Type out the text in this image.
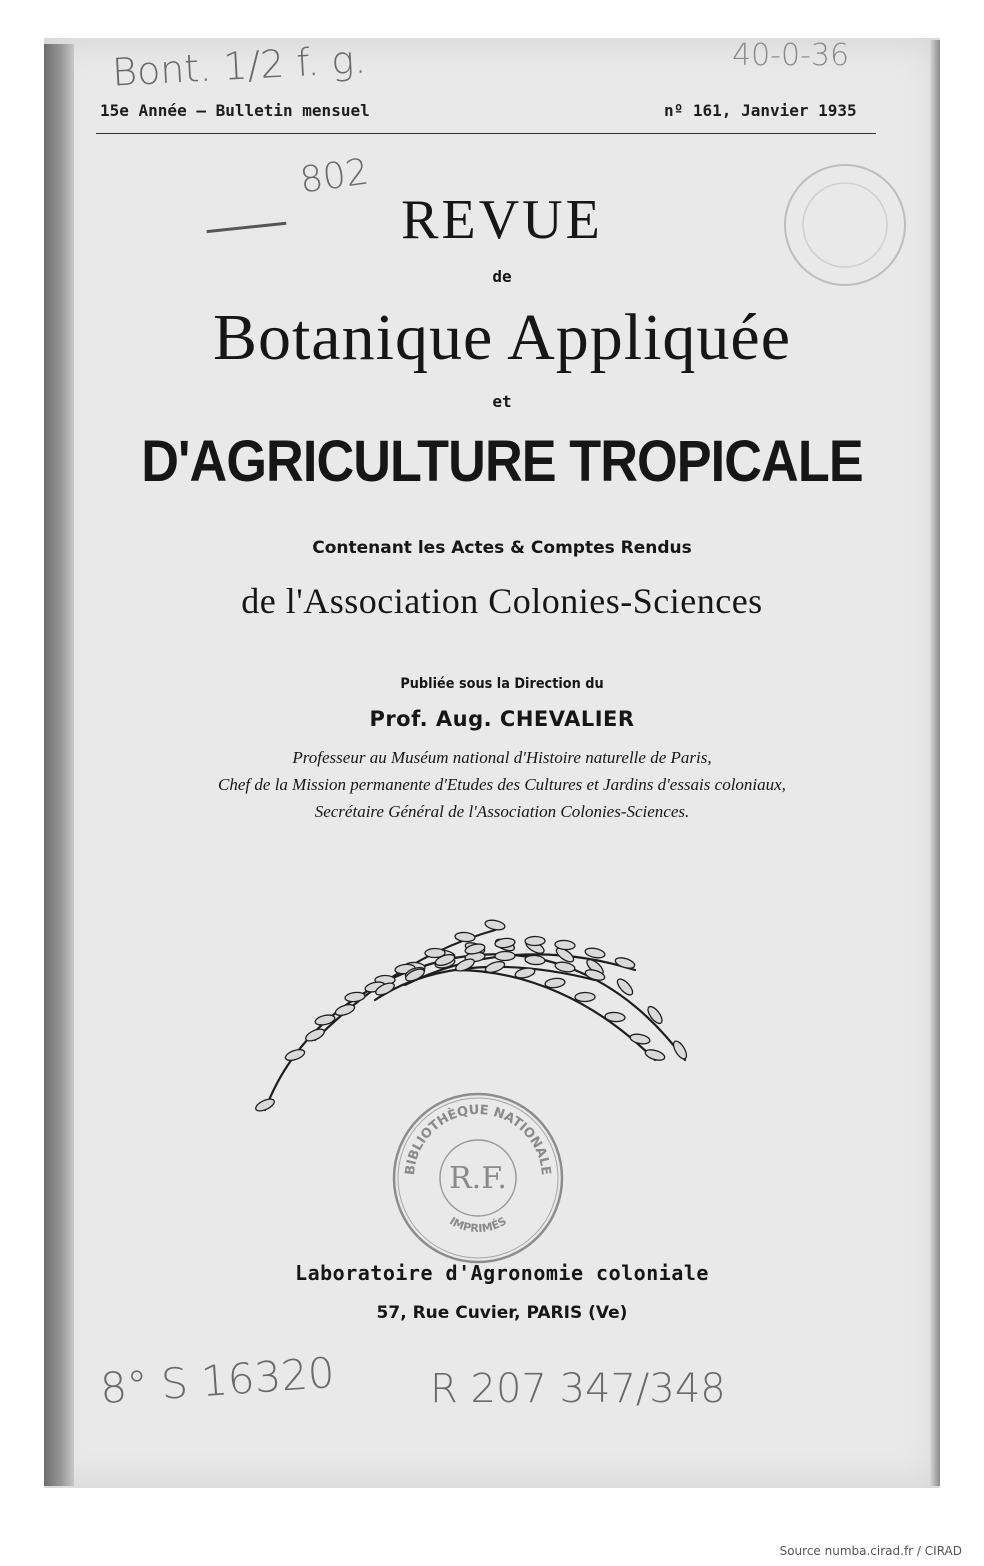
Bont. 1/2 f. g.	40-0-36
802
8° S 16320 R 207 347/348
15e Année — Bulletin mensuel	nº 161, Janvier 1935
REVUE
de
Botanique Appliquée
et
D'AGRICULTURE TROPICALE
Contenant les Actes & Comptes Rendus
de l'Association Colonies-Sciences
Publiée sous la Direction du
Prof. Aug. CHEVALIER
Professeur au Muséum national d'Histoire naturelle de Paris,
Chef de la Mission permanente d'Etudes des Cultures et Jardins d'essais coloniaux,
Secrétaire Général de l'Association Colonies-Sciences.
BIBLIOTHÈQUE NATIONALE
R.F.
IMPRIMÉS
Laboratoire d'Agronomie coloniale
57, Rue Cuvier, PARIS (Ve)
Source numba.cirad.fr / CIRAD
